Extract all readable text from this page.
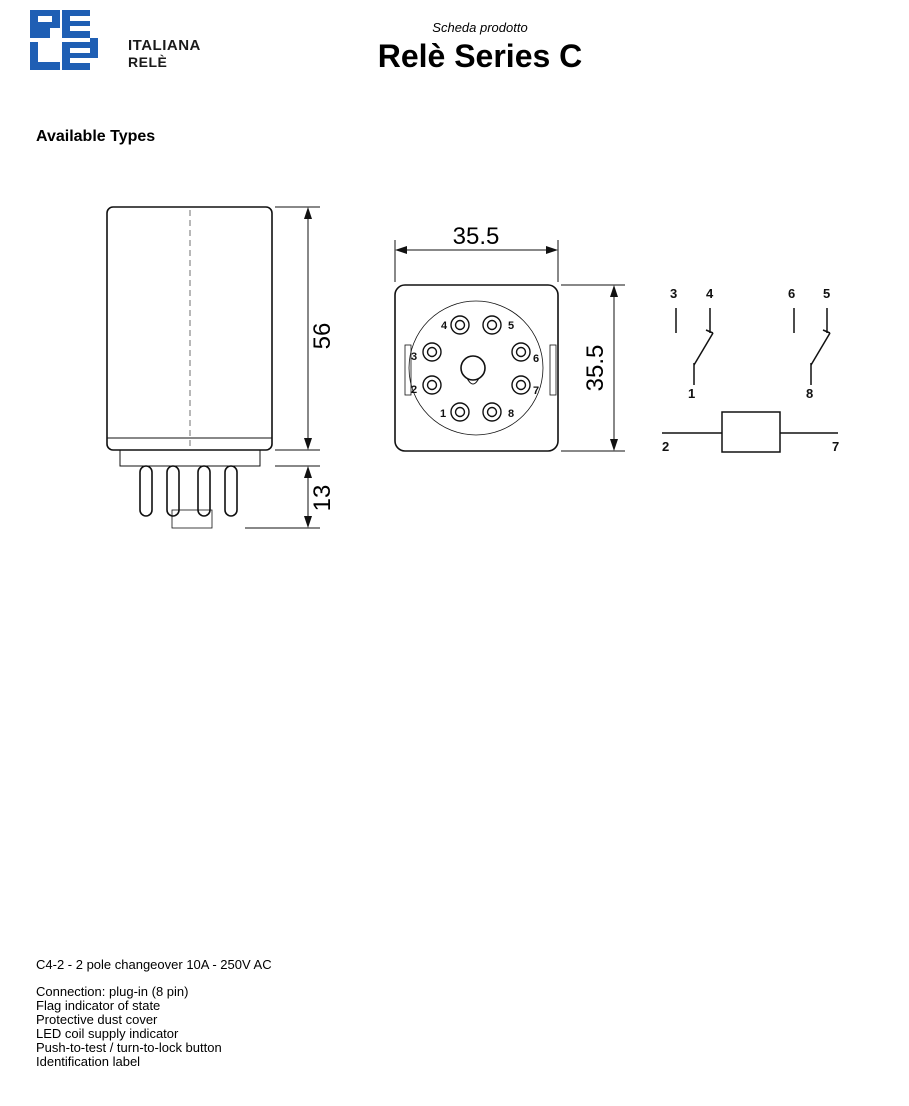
ITALIANA
RELÈ
Scheda prodotto
Relè Series C
Available Types
56
13
35.5
35.5
4	5
3	6
2	7
1	8
3 4	6 5
1	8
2	7
C4-2 - 2 pole changeover 10A - 250V AC
Connection: plug-in (8 pin)
Flag indicator of state
Protective dust cover
LED coil supply indicator
Push-to-test / turn-to-lock button
Identification label
